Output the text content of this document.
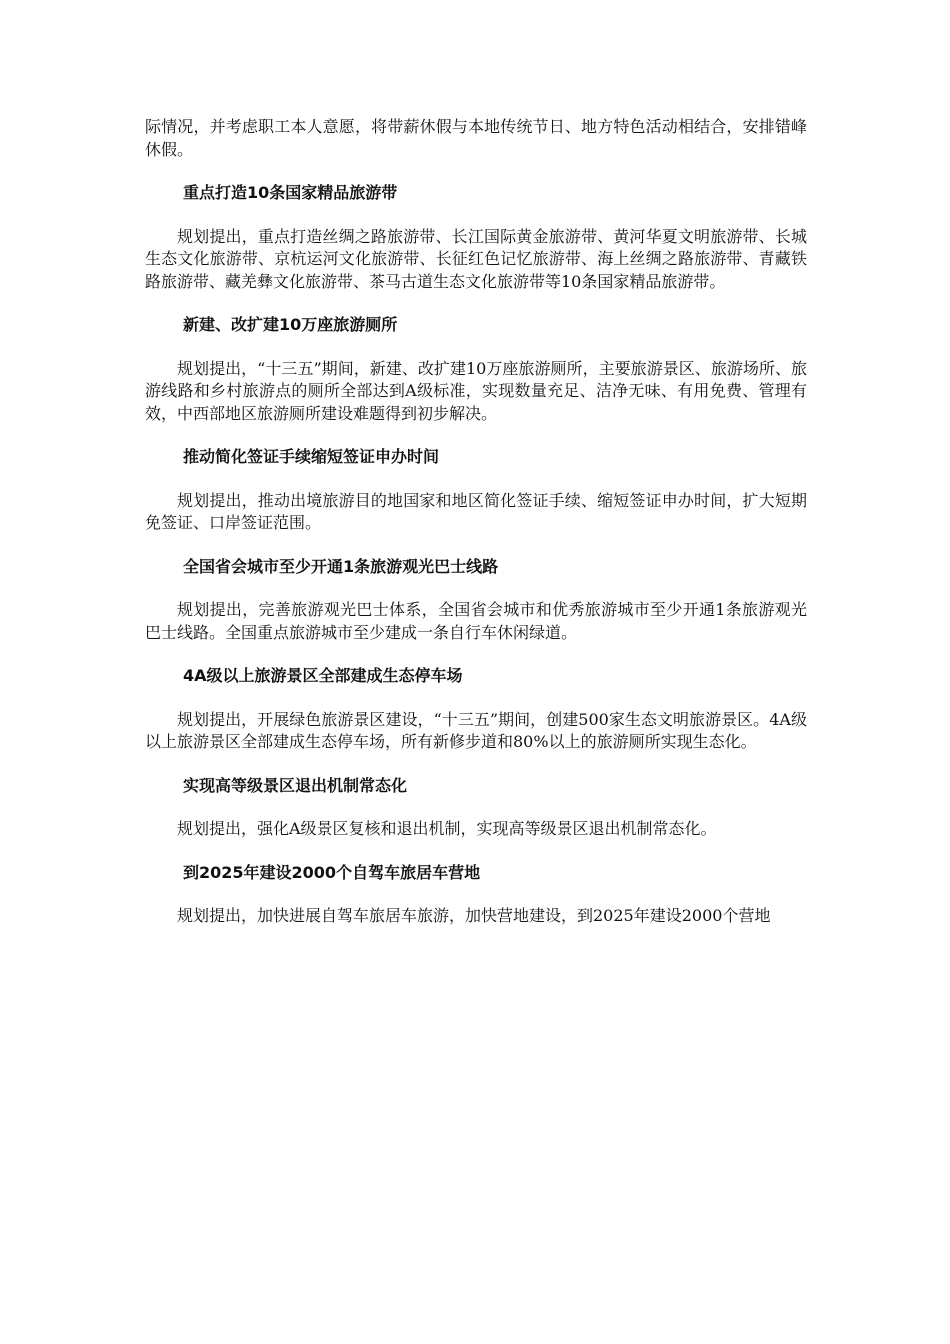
际情况，并考虑职工本人意愿，将带薪休假与本地传统节日、地方特色活动相结合，安排错峰休假。

重点打造10条国家精品旅游带

规划提出，重点打造丝绸之路旅游带、长江国际黄金旅游带、黄河华夏文明旅游带、长城生态文化旅游带、京杭运河文化旅游带、长征红色记忆旅游带、海上丝绸之路旅游带、青藏铁路旅游带、藏羌彝文化旅游带、茶马古道生态文化旅游带等10条国家精品旅游带。

新建、改扩建10万座旅游厕所

规划提出，“十三五”期间，新建、改扩建10万座旅游厕所，主要旅游景区、旅游场所、旅游线路和乡村旅游点的厕所全部达到A级标准，实现数量充足、洁净无味、有用免费、管理有效，中西部地区旅游厕所建设难题得到初步解决。

推动简化签证手续缩短签证申办时间

规划提出，推动出境旅游目的地国家和地区简化签证手续、缩短签证申办时间，扩大短期免签证、口岸签证范围。

全国省会城市至少开通1条旅游观光巴士线路

规划提出，完善旅游观光巴士体系，全国省会城市和优秀旅游城市至少开通1条旅游观光巴士线路。全国重点旅游城市至少建成一条自行车休闲绿道。

4A级以上旅游景区全部建成生态停车场

规划提出，开展绿色旅游景区建设，“十三五”期间，创建500家生态文明旅游景区。4A级以上旅游景区全部建成生态停车场，所有新修步道和80%以上的旅游厕所实现生态化。

实现高等级景区退出机制常态化

规划提出，强化A级景区复核和退出机制，实现高等级景区退出机制常态化。

到2025年建设2000个自驾车旅居车营地

规划提出，加快进展自驾车旅居车旅游，加快营地建设，到2025年建设2000个营地
